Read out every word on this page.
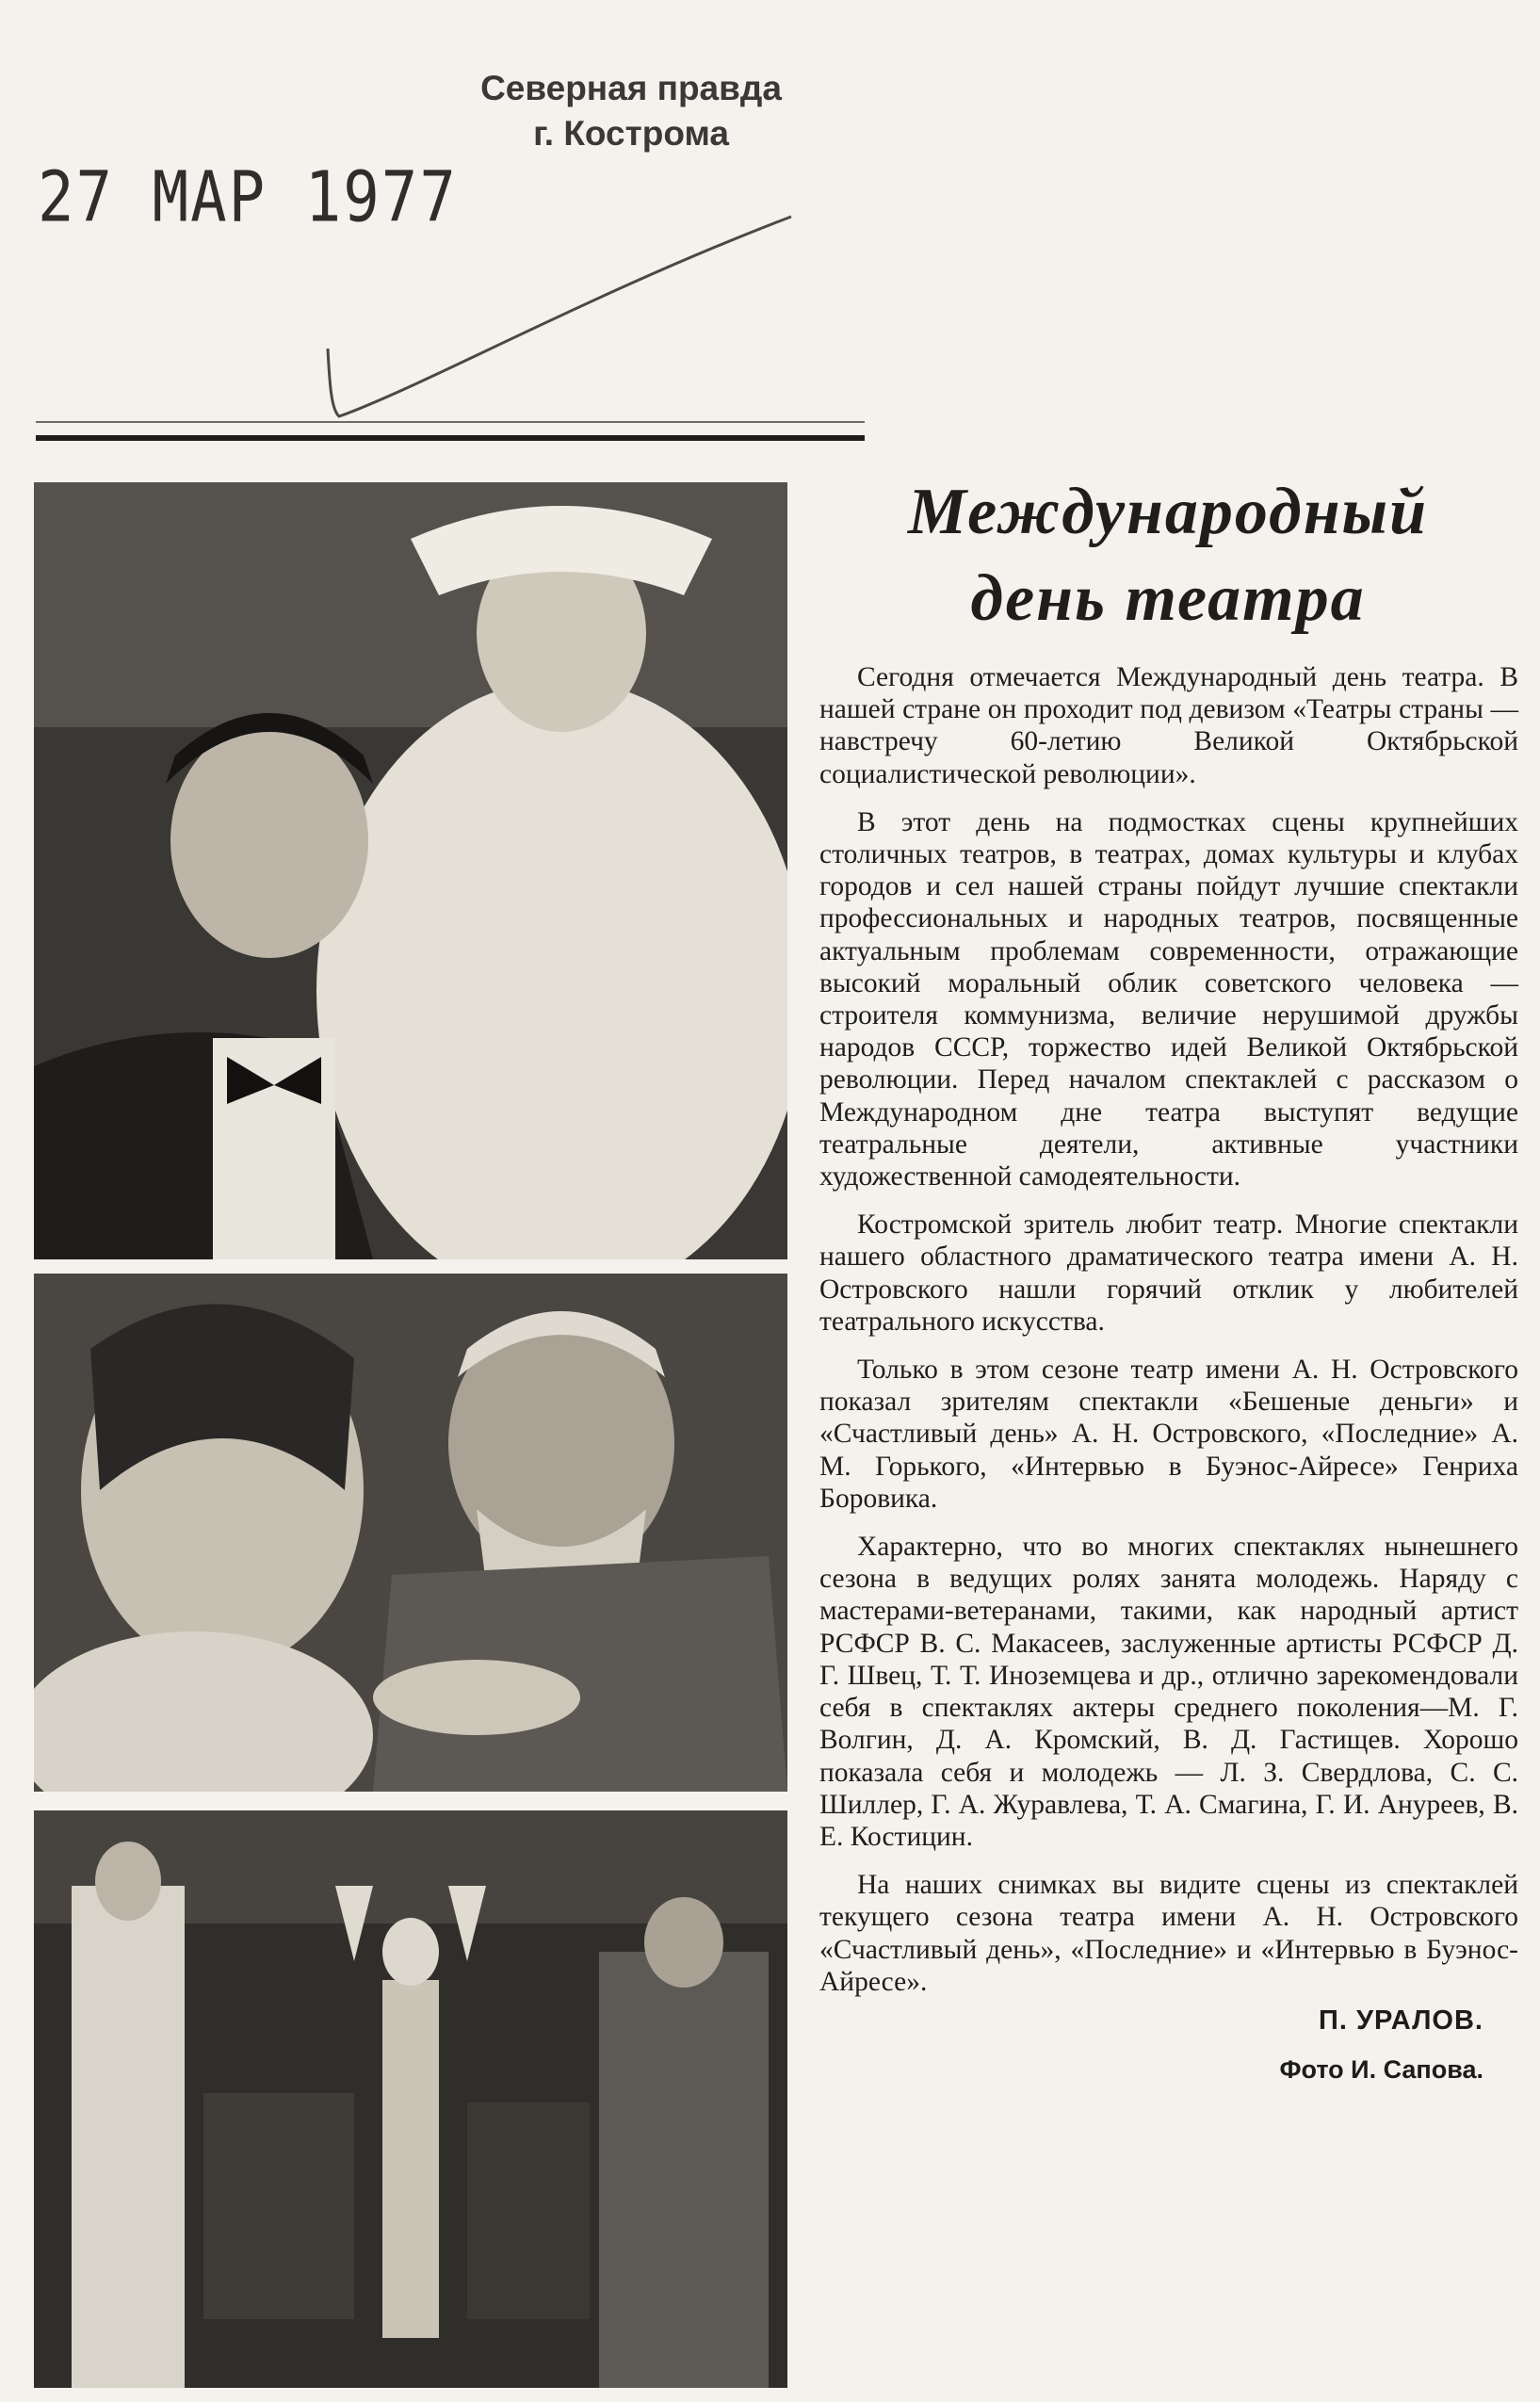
Северная правда
г. Кострома
27 МАР 1977
Международный
день театра

Сегодня отмечается Международный день театра. В нашей стране он проходит под девизом «Театры страны — навстречу 60-летию Великой Октябрьской социалистической революции».

В этот день на подмостках сцены крупнейших столичных театров, в театрах, домах культуры и клубах городов и сел нашей страны пойдут лучшие спектакли профессиональных и народных театров, посвященные актуальным проблемам современности, отражающие высокий моральный облик советского человека — строителя коммунизма, величие нерушимой дружбы народов СССР, торжество идей Великой Октябрьской революции. Перед началом спектаклей с рассказом о Международном дне театра выступят ведущие театральные деятели, активные участники художественной самодеятельности.

Костромской зритель любит театр. Многие спектакли нашего областного драматического театра имени А. Н. Островского нашли горячий отклик у любителей театрального искусства.

Только в этом сезоне театр имени А. Н. Островского показал зрителям спектакли «Бешеные деньги» и «Счастливый день» А. Н. Островского, «Последние» А. М. Горького, «Интервью в Буэнос-Айресе» Генриха Боровика.

Характерно, что во многих спектаклях нынешнего сезона в ведущих ролях занята молодежь. Наряду с мастерами-ветеранами, такими, как народный артист РСФСР В. С. Макасеев, заслуженные артисты РСФСР Д. Г. Швец, Т. Т. Иноземцева и др., отлично зарекомендовали себя в спектаклях актеры среднего поколения—М. Г. Волгин, Д. А. Кромский, В. Д. Гастищев. Хорошо показала себя и молодежь — Л. З. Свердлова, С. С. Шиллер, Г. А. Журавлева, Т. А. Смагина, Г. И. Ануреев, В. Е. Костицин.

На наших снимках вы видите сцены из спектаклей текущего сезона театра имени А. Н. Островского «Счастливый день», «Последние» и «Интервью в Буэнос-Айресе».

П. УРАЛОВ.
Фото И. Сапова.
